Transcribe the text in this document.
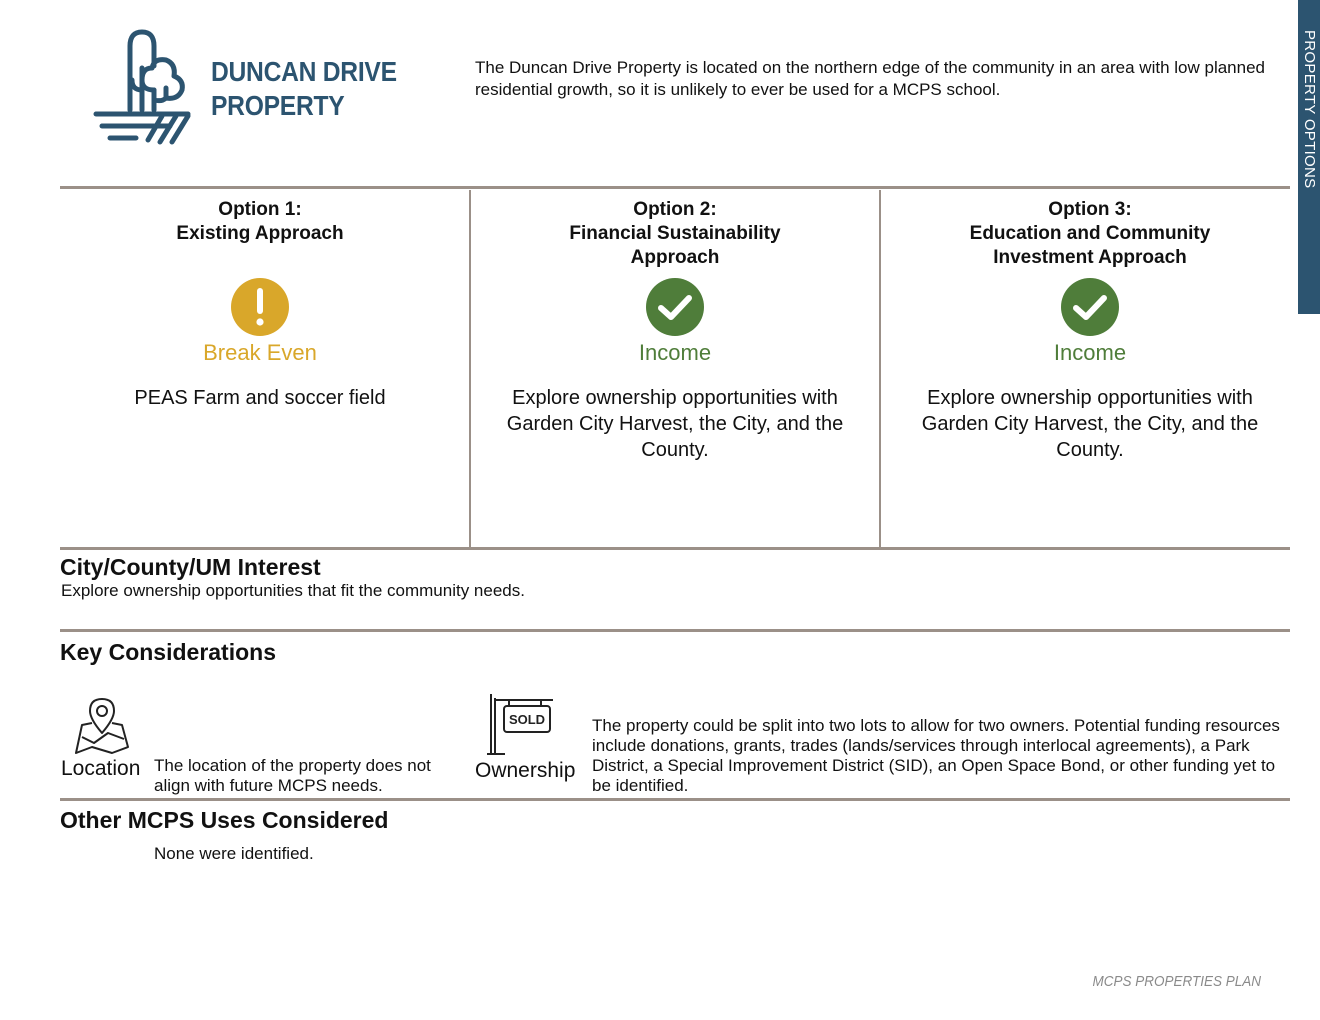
PROPERTY OPTIONS
DUNCAN DRIVE
PROPERTY
The Duncan Drive Property is located on the northern edge of the community in an area with low planned residential growth, so it is unlikely to ever be used for a MCPS school.
Option 1:
Existing Approach
Break Even
PEAS Farm and soccer field
Option 2:
Financial Sustainability
Approach
Income
Explore ownership opportunities with Garden City Harvest, the City, and the County.
Option 3:
Education and Community
Investment Approach
Income
Explore ownership opportunities with Garden City Harvest, the City, and the County.
City/County/UM Interest
Explore ownership opportunities that fit the community needs.
Key Considerations
Location The location of the property does not align with future MCPS needs.
SOLD
Ownership
The property could be split into two lots to allow for two owners. Potential funding resources include donations, grants, trades (lands/services through interlocal agreements), a Park District, a Special Improvement District (SID), an Open Space Bond, or other funding yet to be identified.
Other MCPS Uses Considered
None were identified.
MCPS PROPERTIES PLAN
